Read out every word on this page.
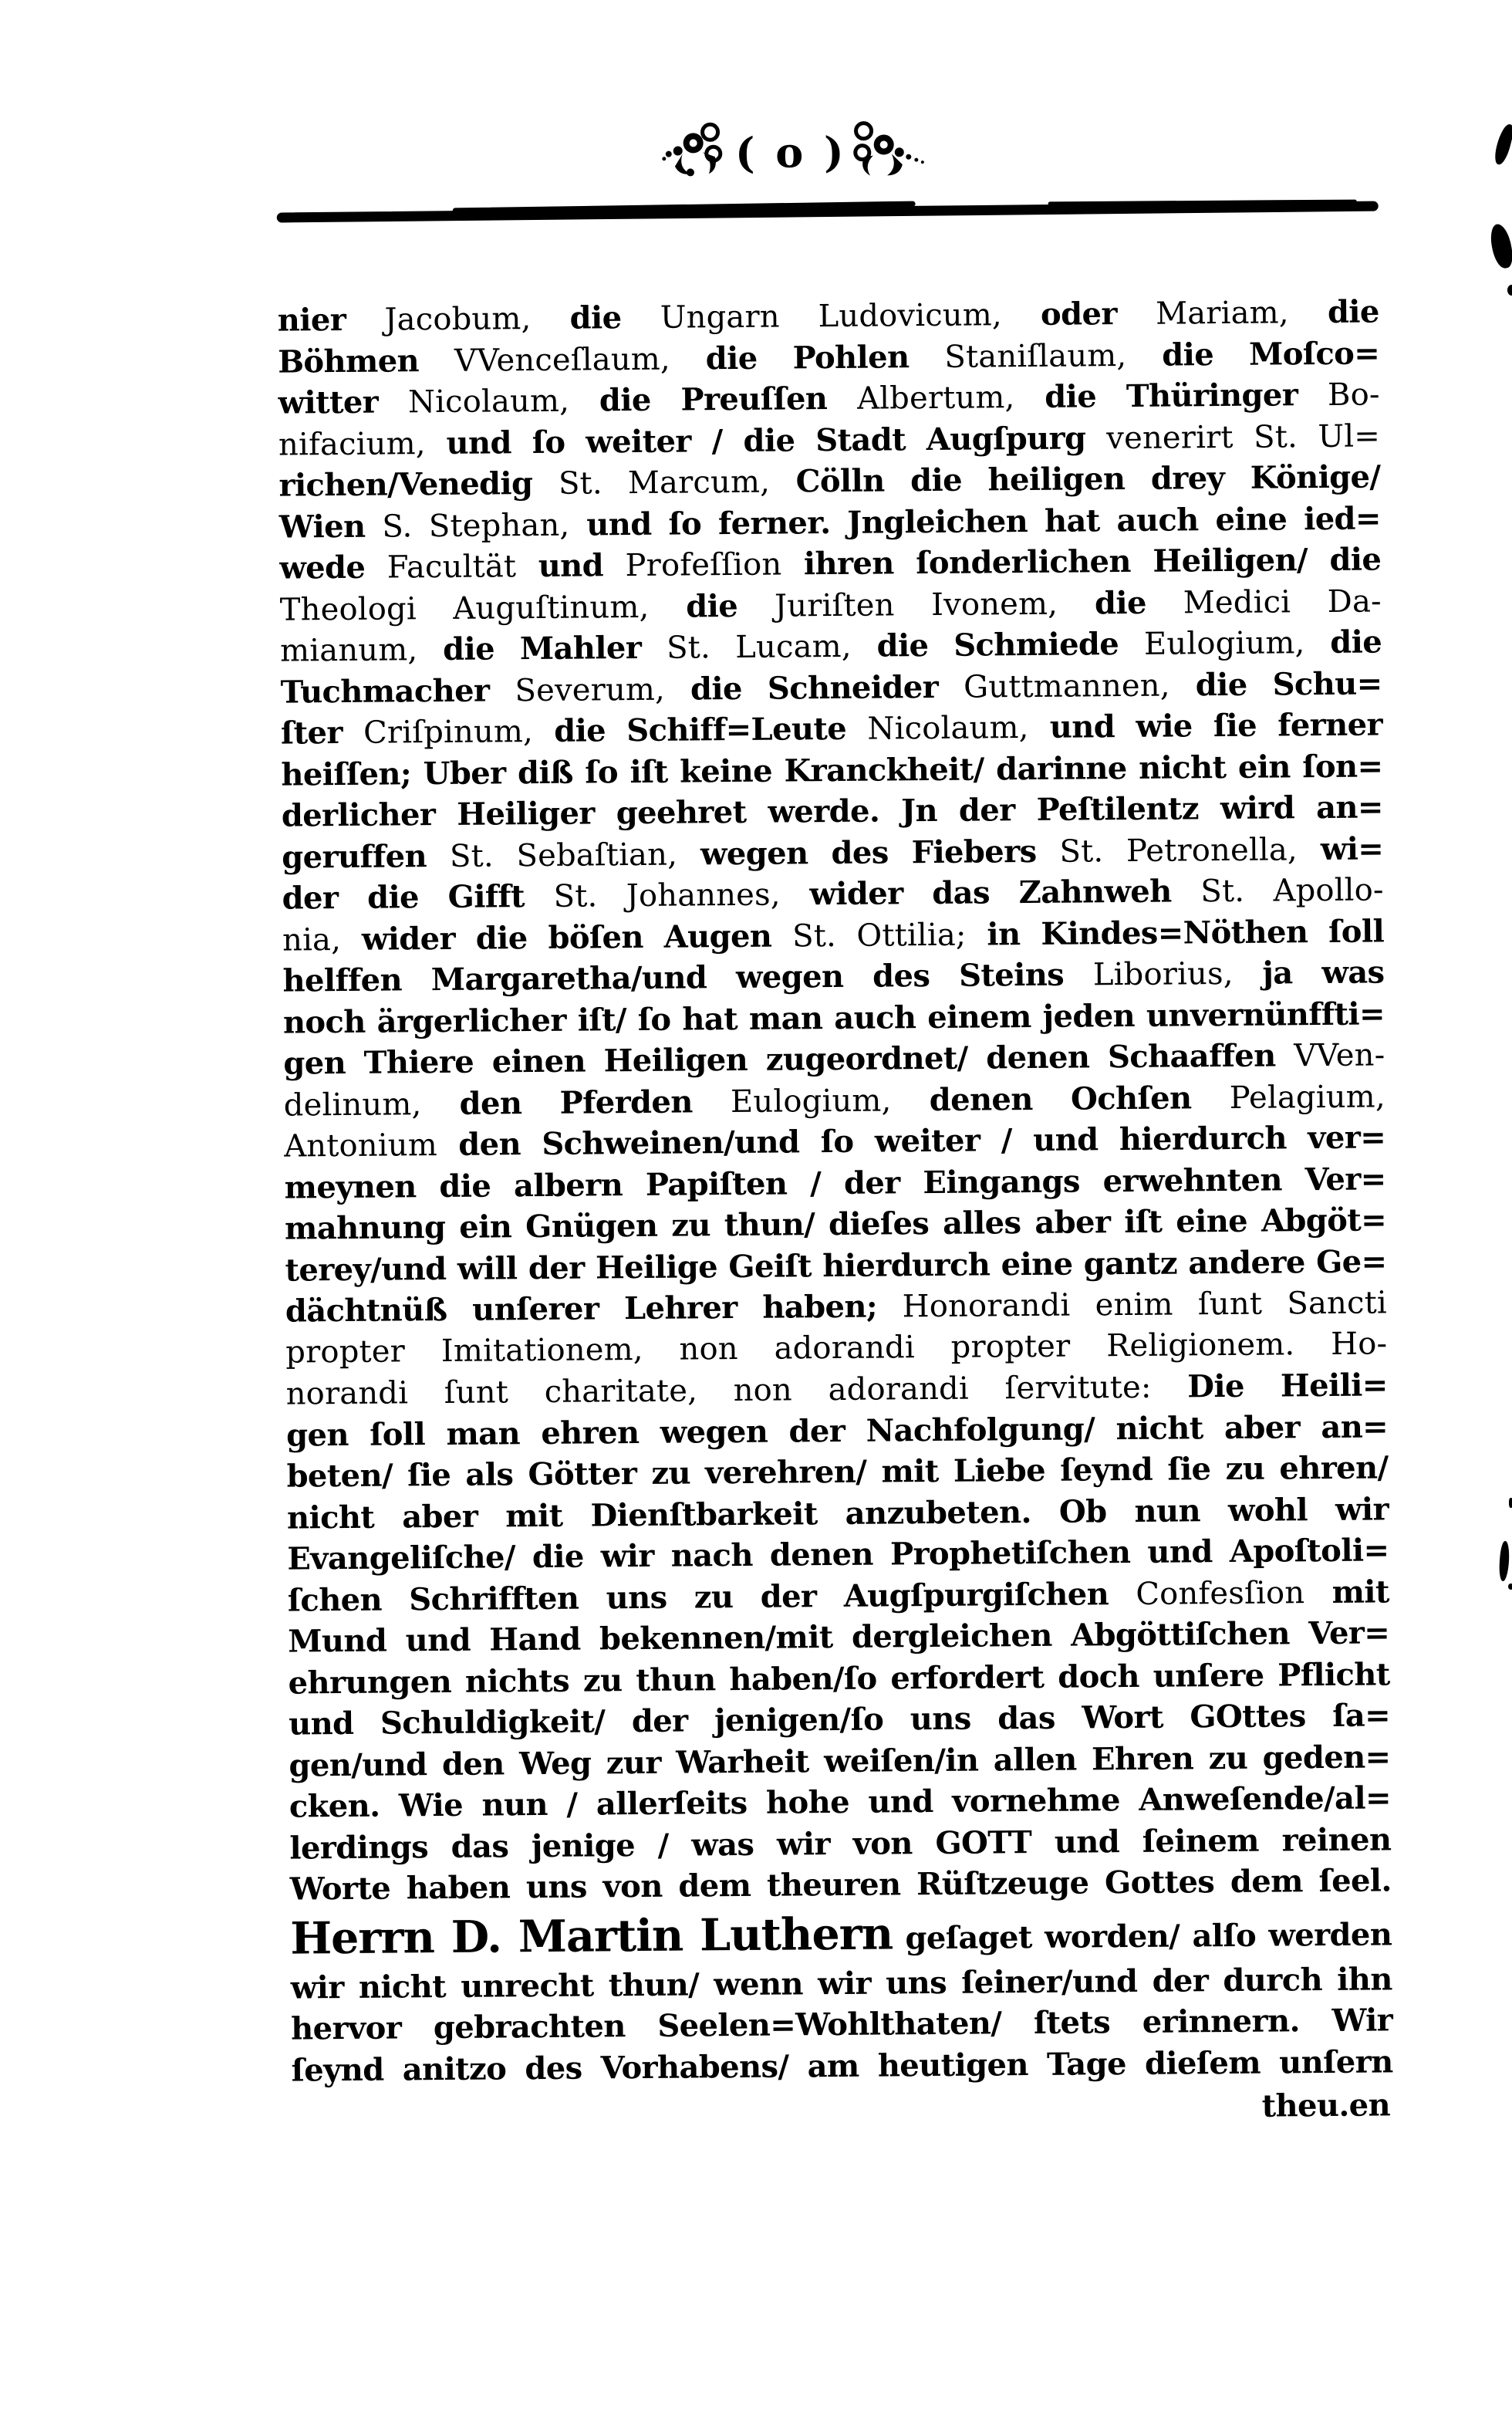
( o )
nier Jacobum, die Ungarn Ludovicum, oder Mariam, die
Böhmen VVenceſlaum, die Pohlen Staniſlaum, die Moſco=
witter Nicolaum, die Preuſſen Albertum, die Thüringer Bo-
nifacium, und ſo weiter / die Stadt Augſpurg venerirt St. Ul=
richen/Venedig St. Marcum, Cölln die heiligen drey Könige/
Wien S. Stephan, und ſo ferner. Jngleichen hat auch eine ied=
wede Facultät und Profeſſion ihren ſonderlichen Heiligen/ die
Theologi Auguſtinum, die Juriſten Ivonem, die Medici Da-
mianum, die Mahler St. Lucam, die Schmiede Eulogium, die
Tuchmacher Severum, die Schneider Guttmannen, die Schu=
ſter Criſpinum, die Schiff=Leute Nicolaum, und wie ſie ferner
heiſſen; Uber diß ſo iſt keine Kranckheit/ darinne nicht ein ſon=
derlicher Heiliger geehret werde. Jn der Peſtilentz wird an=
geruffen St. Sebaſtian, wegen des Fiebers St. Petronella, wi=
der die Gifft St. Johannes, wider das Zahnweh St. Apollo-
nia, wider die böſen Augen St. Ottilia; in Kindes=Nöthen ſoll
helffen Margaretha/und wegen des Steins Liborius, ja was
noch ärgerlicher iſt/ ſo hat man auch einem jeden unvernünffti=
gen Thiere einen Heiligen zugeordnet/ denen Schaaffen VVen-
delinum, den Pferden Eulogium, denen Ochſen Pelagium,
Antonium den Schweinen/und ſo weiter / und hierdurch ver=
meynen die albern Papiſten / der Eingangs erwehnten Ver=
mahnung ein Gnügen zu thun/ dieſes alles aber iſt eine Abgöt=
terey/und will der Heilige Geiſt hierdurch eine gantz andere Ge=
dächtnüß unſerer Lehrer haben; Honorandi enim ſunt Sancti
propter Imitationem, non adorandi propter Religionem. Ho-
norandi ſunt charitate, non adorandi ſervitute: Die Heili=
gen ſoll man ehren wegen der Nachfolgung/ nicht aber an=
beten/ ſie als Götter zu verehren/ mit Liebe ſeynd ſie zu ehren/
nicht aber mit Dienſtbarkeit anzubeten. Ob nun wohl wir
Evangeliſche/ die wir nach denen Prophetiſchen und Apoſtoli=
ſchen Schrifften uns zu der Augſpurgiſchen Confesſion mit
Mund und Hand bekennen/mit dergleichen Abgöttiſchen Ver=
ehrungen nichts zu thun haben/ſo erfordert doch unſere Pflicht
und Schuldigkeit/ der jenigen/ſo uns das Wort GOttes ſa=
gen/und den Weg zur Warheit weiſen/in allen Ehren zu geden=
cken. Wie nun / allerſeits hohe und vornehme Anweſende/al=
lerdings das jenige / was wir von GOTT und ſeinem reinen
Worte haben uns von dem theuren Rüſtzeuge Gottes dem ſeel.
Herrn D. Martin Luthern geſaget worden/ alſo werden
wir nicht unrecht thun/ wenn wir uns ſeiner/und der durch ihn
hervor gebrachten Seelen=Wohlthaten/ ſtets erinnern. Wir
ſeynd anitzo des Vorhabens/ am heutigen Tage dieſem unſern
theu.en
